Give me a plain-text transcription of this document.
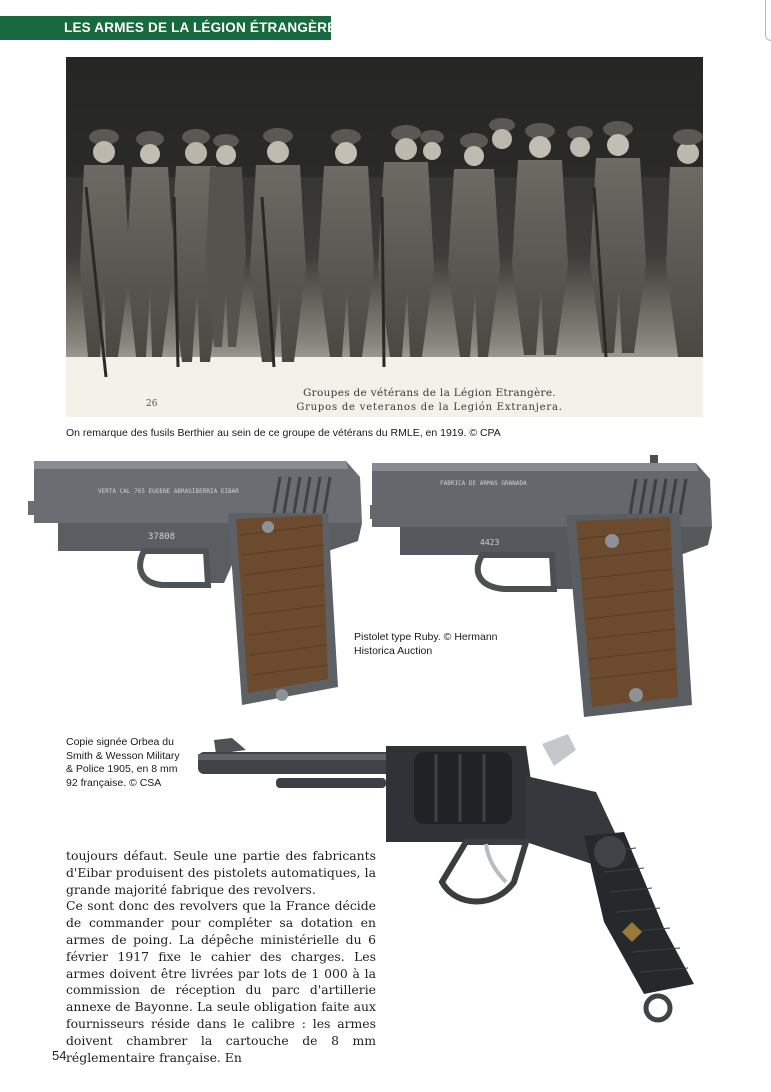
LES ARMES DE LA LÉGION ÉTRANGÈRE
26
Groupes de vétérans de la Légion Etrangère.
Grupos de veteranos de la Legión Extranjera.
On remarque des fusils Berthier au sein de ce groupe de vétérans du RMLE, en 1919. © CPA
VERTA CAL 765 EUGENE ABRASIBERRIA EIBAR
37808
FABRICA DE ARMAS GRANADA
4423
Pistolet type Ruby. © Hermann Historica Auction
Copie signée Orbea du Smith & Wesson Military & Police 1905, en 8 mm 92 française. © CSA

toujours défaut. Seule une partie des fabricants d'Eibar produisent des pistolets automatiques, la grande majorité fabrique des revolvers.

Ce sont donc des revolvers que la France décide de commander pour compléter sa dotation en armes de poing. La dépêche ministérielle du 6 février 1917 fixe le cahier des charges. Les armes doivent être livrées par lots de 1 000 à la commission de réception du parc d'artillerie annexe de Bayonne. La seule obligation faite aux fournisseurs réside dans le calibre : les armes doivent chambrer la cartouche de 8 mm réglementaire française. En

54
